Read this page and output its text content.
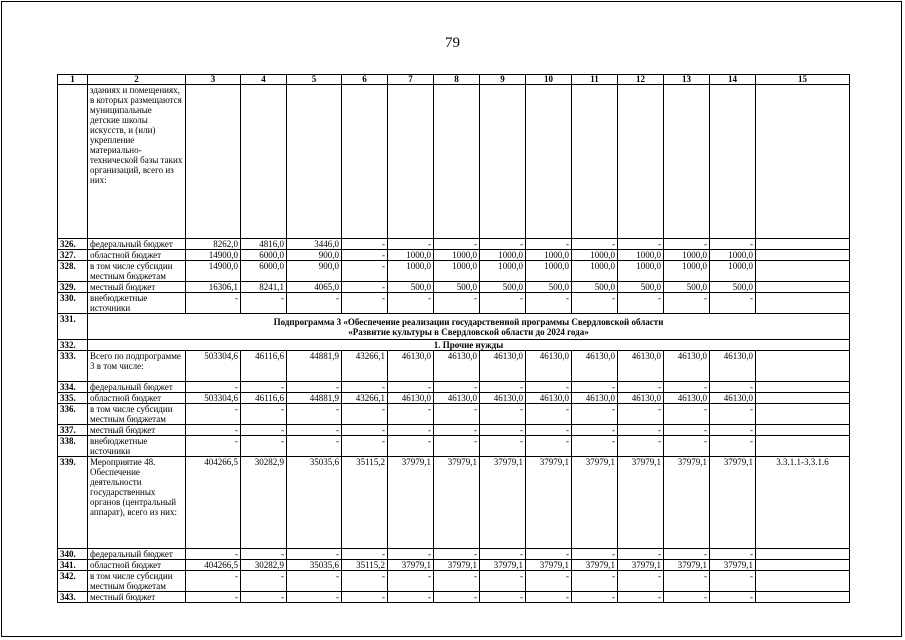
79
1	2	3	4	5	6	7	8	9	10	11	12	13	14	15
	зданиях и помещениях, в которых размещаются муниципальные детские школы искусств, и (или) укрепление материально-технической базы таких организаций, всего из них:													
326.	федеральный бюджет	8262,0	4816,0	3446,0	-	-	-	-	-	-	-	-	-	
327.	областной бюджет	14900,0	6000,0	900,0	-	1000,0	1000,0	1000,0	1000,0	1000,0	1000,0	1000,0	1000,0	
328.	в том числе субсидии местным бюджетам	14900,0	6000,0	900,0	-	1000,0	1000,0	1000,0	1000,0	1000,0	1000,0	1000,0	1000,0	
329.	местный бюджет	16306,1	8241,1	4065,0	-	500,0	500,0	500,0	500,0	500,0	500,0	500,0	500,0	
330.	внебюджетные источники	-	-	-	-	-	-	-	-	-	-	-	-	
331.	Подпрограмма 3 «Обеспечение реализации государственной программы Свердловской области
«Развитие культуры в Свердловской области до 2024 года»													

332.	1. Прочие нужды													
333.	Всего по подпрограмме 3 в том числе:	503304,6	46116,6	44881,9	43266,1	46130,0	46130,0	46130,0	46130,0	46130,0	46130,0	46130,0	46130,0	
334.	федеральный бюджет	-	-	-	-	-	-	-	-	-	-	-	-	
335.	областной бюджет	503304,6	46116,6	44881,9	43266,1	46130,0	46130,0	46130,0	46130,0	46130,0	46130,0	46130,0	46130,0	
336.	в том числе субсидии местным бюджетам	-	-	-	-	-	-	-	-	-	-	-	-	
337.	местный бюджет	-	-	-	-	-	-	-	-	-	-	-	-	
338.	внебюджетные источники	-	-	-	-	-	-	-	-	-	-	-	-	
339.	Мероприятие 48. Обеспечение деятельности государственных органов (центральный аппарат), всего из них:	404266,5	30282,9	35035,6	35115,2	37979,1	37979,1	37979,1	37979,1	37979,1	37979,1	37979,1	37979,1	3.3.1.1-3.3.1.6
340.	федеральный бюджет	-	-	-	-	-	-	-	-	-	-	-	-	
341.	областной бюджет	404266,5	30282,9	35035,6	35115,2	37979,1	37979,1	37979,1	37979,1	37979,1	37979,1	37979,1	37979,1	
342.	в том числе субсидии местным бюджетам	-	-	-	-	-	-	-	-	-	-	-	-	
343.	местный бюджет	-	-	-	-	-	-	-	-	-	-	-	-	
